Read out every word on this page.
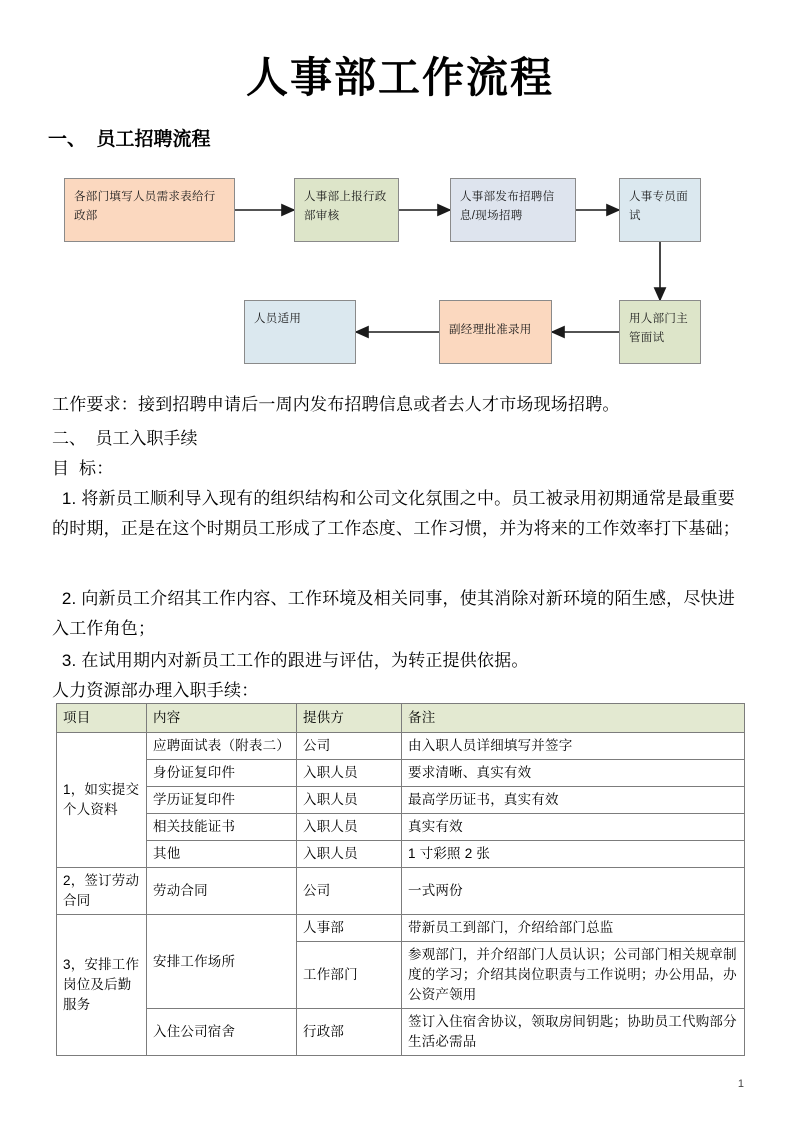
人事部工作流程
一、  员工招聘流程
各部门填写人员需求表给行政部
人事部上报行政部审核
人事部发布招聘信息/现场招聘
人事专员面试
用人部门主管面试
副经理批准录用
人员适用
工作要求：接到招聘申请后一周内发布招聘信息或者去人才市场现场招聘。
二、  员工入职手续
目  标：
1. 将新员工顺利导入现有的组织结构和公司文化氛围之中。员工被录用初期通常是最重要的时期，正是在这个时期员工形成了工作态度、工作习惯，并为将来的工作效率打下基础；
2. 向新员工介绍其工作内容、工作环境及相关同事，使其消除对新环境的陌生感，尽快进入工作角色；
3. 在试用期内对新员工工作的跟进与评估，为转正提供依据。
人力资源部办理入职手续：
项目	内容	提供方	备注
1，如实提交个人资料	应聘面试表（附表二）	公司	由入职人员详细填写并签字
	身份证复印件	入职人员	要求清晰、真实有效
	学历证复印件	入职人员	最高学历证书，真实有效
	相关技能证书	入职人员	真实有效
	其他	入职人员	1 寸彩照 2 张
2，签订劳动合同	劳动合同	公司	一式两份
3，安排工作岗位及后勤服务	安排工作场所	人事部	带新员工到部门，介绍给部门总监
		工作部门	参观部门，并介绍部门人员认识；公司部门相关规章制度的学习；介绍其岗位职责与工作说明；办公用品，办公资产领用
	入住公司宿舍	行政部	签订入住宿舍协议，领取房间钥匙；协助员工代购部分生活必需品
1
